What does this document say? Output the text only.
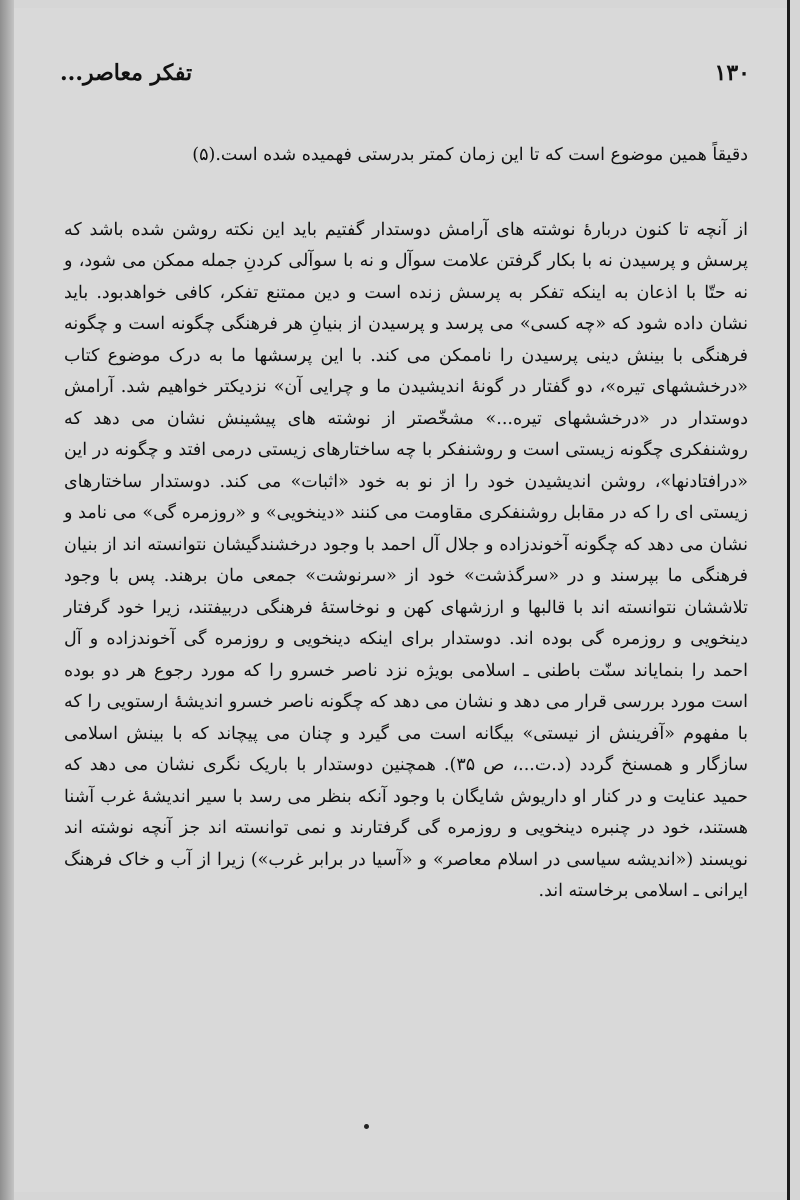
۱۳۰
تفکر معاصر...

دقیقاً همین موضوع است که تا این زمان کمتر بدرستی فهمیده شده است.(۵)

از آنچه تا کنون دربارهٔ نوشته های آرامش دوستدار گفتیم باید این نکته روشن شده باشد که پرسش و پرسیدن نه با بکار گرفتن علامت سوآل و نه با سوآلی کردنِ جمله ممکن می شود، و نه حتّا با اذعان به اینکه تفکر به پرسش زنده است و دین ممتنع تفکر، کافی خواهدبود. باید نشان داده شود که «چه کسی» می پرسد و پرسیدن از بنیانِ هر فرهنگی چگونه است و چگونه فرهنگی با بینش دینی پرسیدن را ناممکن می کند. با این پرسشها ما به درک موضوع کتاب «درخششهای تیره»، دو گفتار در گونهٔ اندیشیدن ما و چرایی آن» نزدیکتر خواهیم شد. آرامش دوستدار در «درخششهای تیره...» مشخّصتر از نوشته های پیشینش نشان می دهد که روشنفکری چگونه زیستی است و روشنفکر با چه ساختارهای زیستی درمی افتد و چگونه در این «درافتادنها»، روشن اندیشیدن خود را از نو به خود «اثبات» می کند. دوستدار ساختارهای زیستی ای را که در مقابل روشنفکری مقاومت می کنند «دینخویی» و «روزمره گی» می نامد و نشان می دهد که چگونه آخوندزاده و جلال آل احمد با وجود درخشندگیشان نتوانسته اند از بنیان فرهنگی ما بپرسند و در «سرگذشت» خود از «سرنوشت» جمعی مان برهند. پس با وجود تلاششان نتوانسته اند با قالبها و ارزشهای کهن و نوخاستهٔ فرهنگی دربیفتند، زیرا خود گرفتار دینخویی و روزمره گی بوده اند. دوستدار برای اینکه دینخویی و روزمره گی آخوندزاده و آل احمد را بنمایاند سنّت باطنی ـ اسلامی بویژه نزد ناصر خسرو را که مورد رجوع هر دو بوده است مورد بررسی قرار می دهد و نشان می دهد که چگونه ناصر خسرو اندیشهٔ ارستویی را که با مفهوم «آفرینش از نیستی» بیگانه است می گیرد و چنان می پیچاند که با بینش اسلامی سازگار و همسنخ گردد (د.ت...، ص ۳۵). همچنین دوستدار با باریک نگری نشان می دهد که حمید عنایت و در کنار او داریوش شایگان با وجود آنکه بنظر می رسد با سیر اندیشهٔ غرب آشنا هستند، خود در چنبره دینخویی و روزمره گی گرفتارند و نمی توانسته اند جز آنچه نوشته اند نویسند («اندیشه سیاسی در اسلام معاصر» و «آسیا در برابر غرب») زیرا از آب و خاک فرهنگ ایرانی ـ اسلامی برخاسته اند.
